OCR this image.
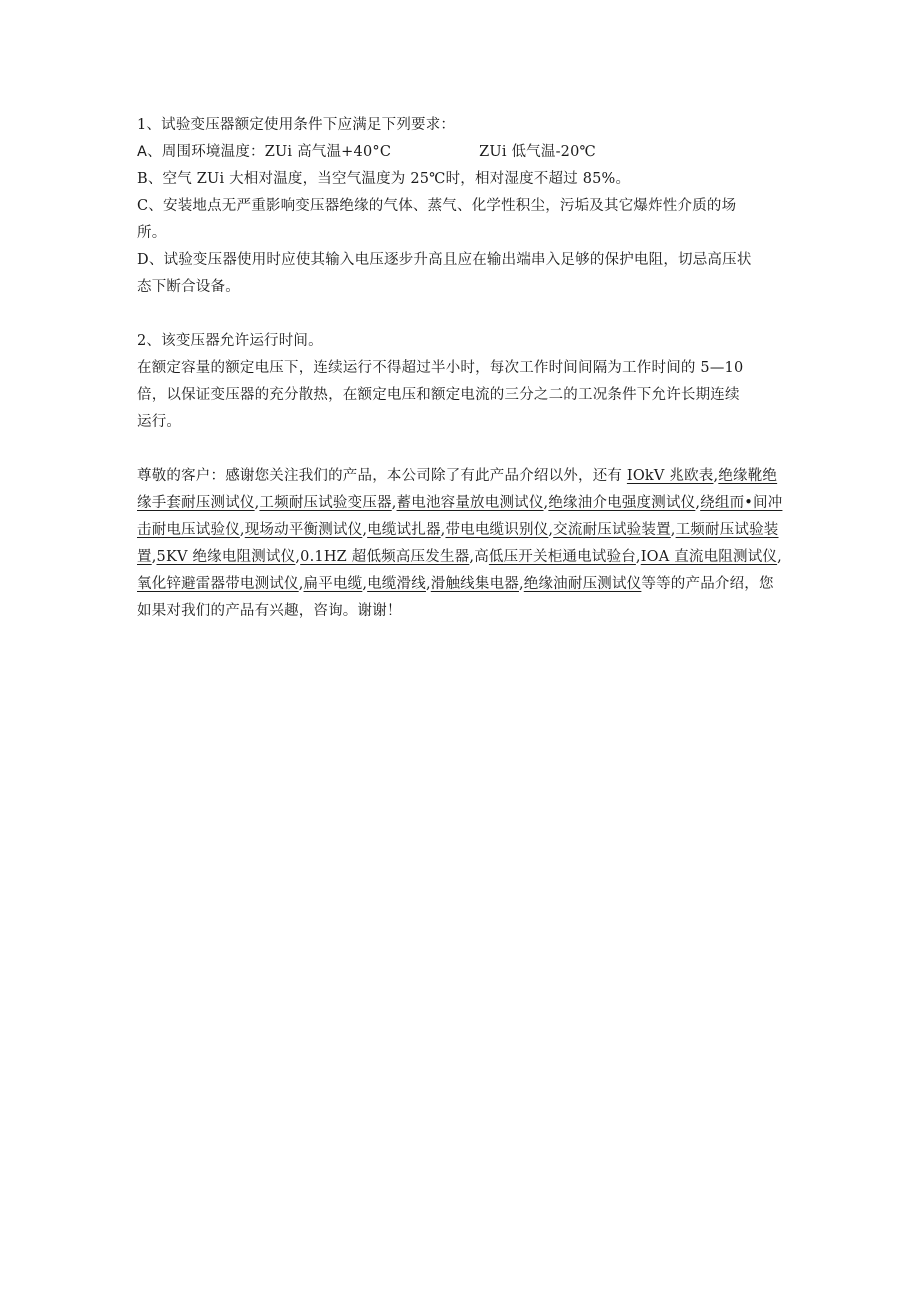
1、试验变压器额定使用条件下应满足下列要求：

A、周围环境温度：ZUi 高气温+40°C	ZUi 低气温-20℃

B、空气 ZUi 大相对温度，当空气温度为 25℃时，相对湿度不超过 85%。

C、安装地点无严重影响变压器绝缘的气体、蒸气、化学性积尘，污垢及其它爆炸性介质的场

所。

D、试验变压器使用时应使其输入电压逐步升高且应在输出端串入足够的保护电阻，切忌高压状

态下断合设备。

2、该变压器允许运行时间。

在额定容量的额定电压下，连续运行不得超过半小时，每次工作时间间隔为工作时间的 5—10

倍，以保证变压器的充分散热，在额定电压和额定电流的三分之二的工况条件下允许长期连续

运行。

尊敬的客户：感谢您关注我们的产品，本公司除了有此产品介绍以外，还有 IOkV 兆欧表,绝缘靴绝缘手套耐压测试仪,工频耐压试验变压器,蓄电池容量放电测试仪,绝缘油介电强度测试仪,绕组而•间冲击耐电压试验仪,现场动平衡测试仪,电缆试扎器,带电电缆识别仪,交流耐压试验装置,工频耐压试验装置,5KV 绝缘电阻测试仪,0.1HZ 超低频高压发生器,高低压开关柜通电试验台,IOA 直流电阻测试仪,氧化锌避雷器带电测试仪,扁平电缆,电缆滑线,滑触线集电器,绝缘油耐压测试仪等等的产品介绍，您如果对我们的产品有兴趣，咨询。谢谢！
